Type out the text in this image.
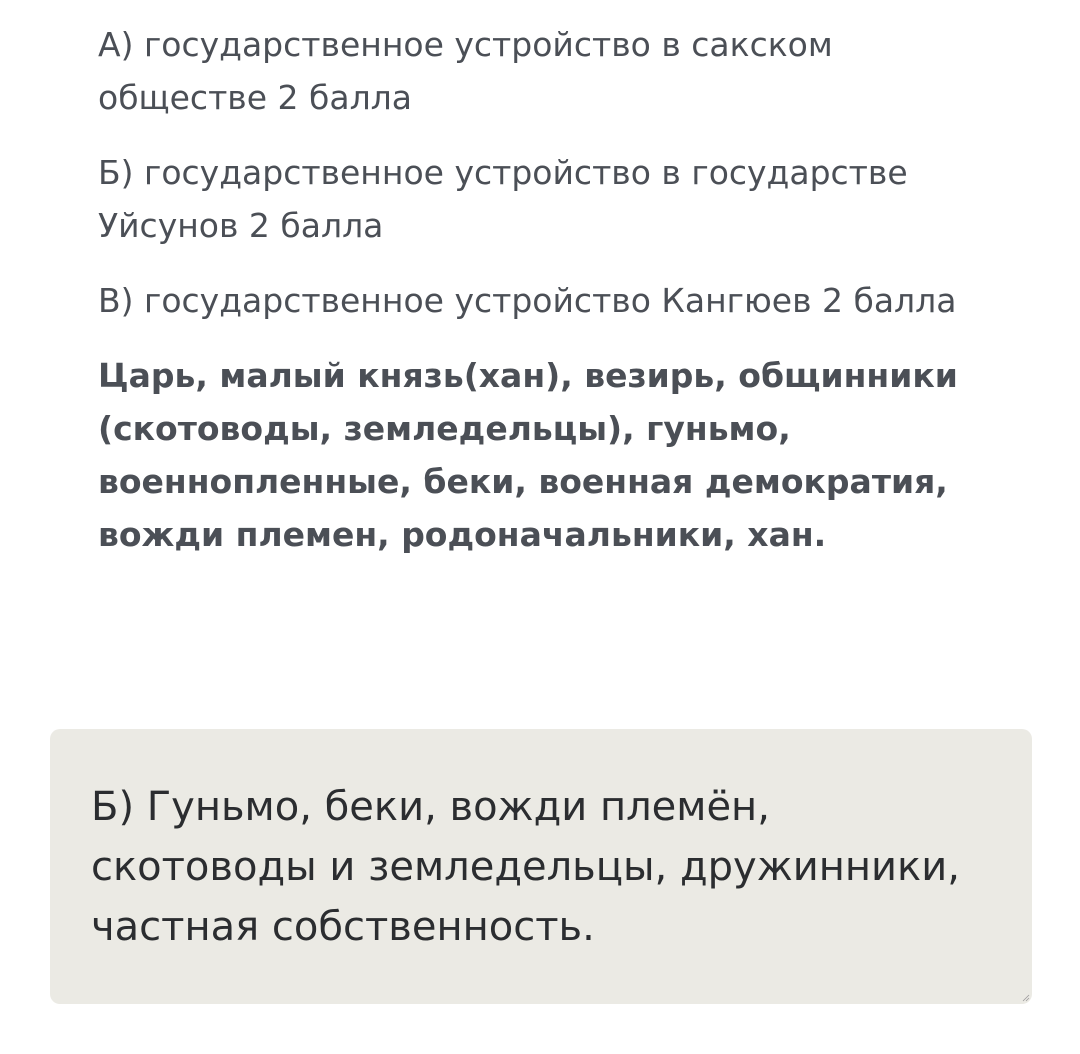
А) государственное устройство в сакском обществе 2 балла

Б) государственное устройство в государстве Уйсунов 2 балла

В) государственное устройство Кангюев 2 балла

Царь, малый князь(хан), везирь, общинники (скотоводы, земледельцы), гуньмо, военнопленные, беки, военная демократия, вожди племен, родоначальники, хан.

Б) Гуньмо, беки, вожди племён, скотоводы и земледельцы, дружинники, частная собственность.
